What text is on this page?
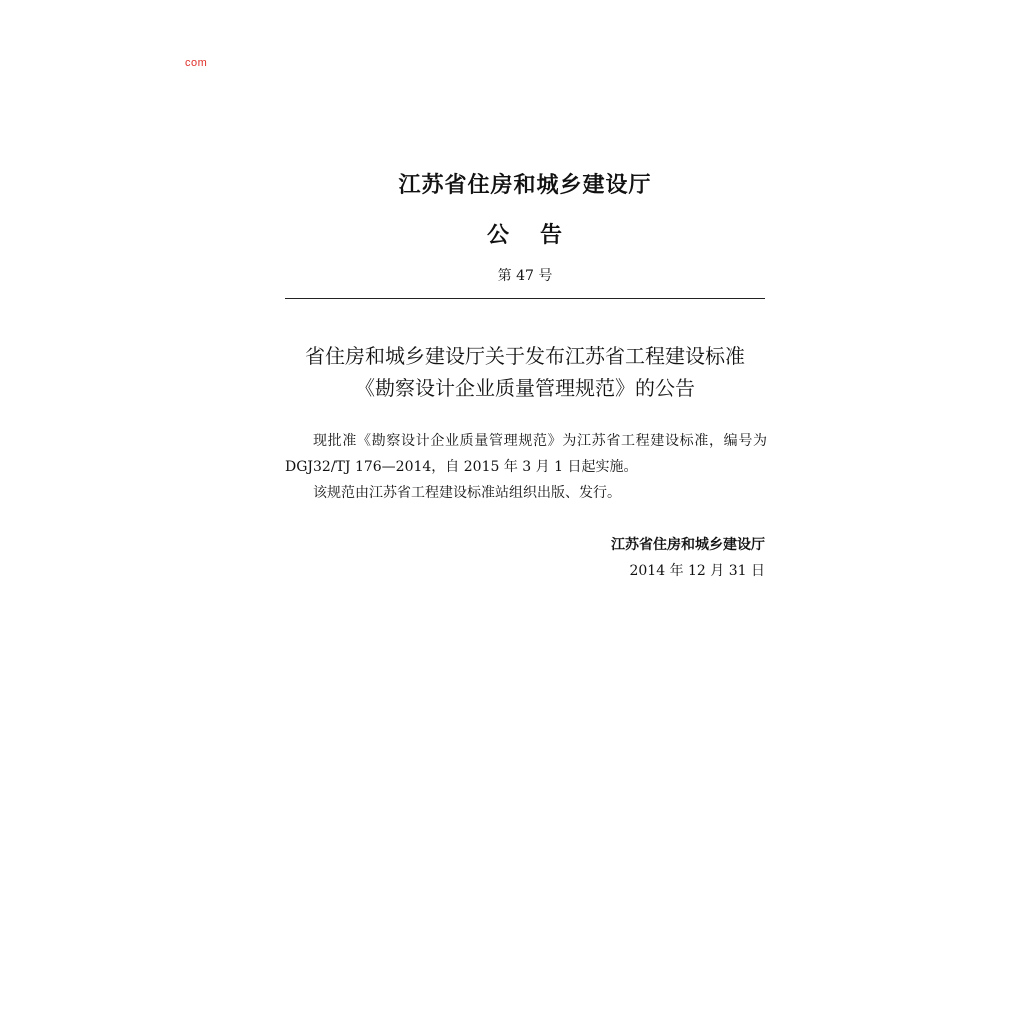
com
江苏省住房和城乡建设厅
公 告
第 47 号
省住房和城乡建设厅关于发布江苏省工程建设标准
《勘察设计企业质量管理规范》的公告

现批准《勘察设计企业质量管理规范》为江苏省工程建设标准，编号为 DGJ32/TJ 176—2014，自 2015 年 3 月 1 日起实施。

该规范由江苏省工程建设标准站组织出版、发行。

江苏省住房和城乡建设厅
2014 年 12 月 31 日
